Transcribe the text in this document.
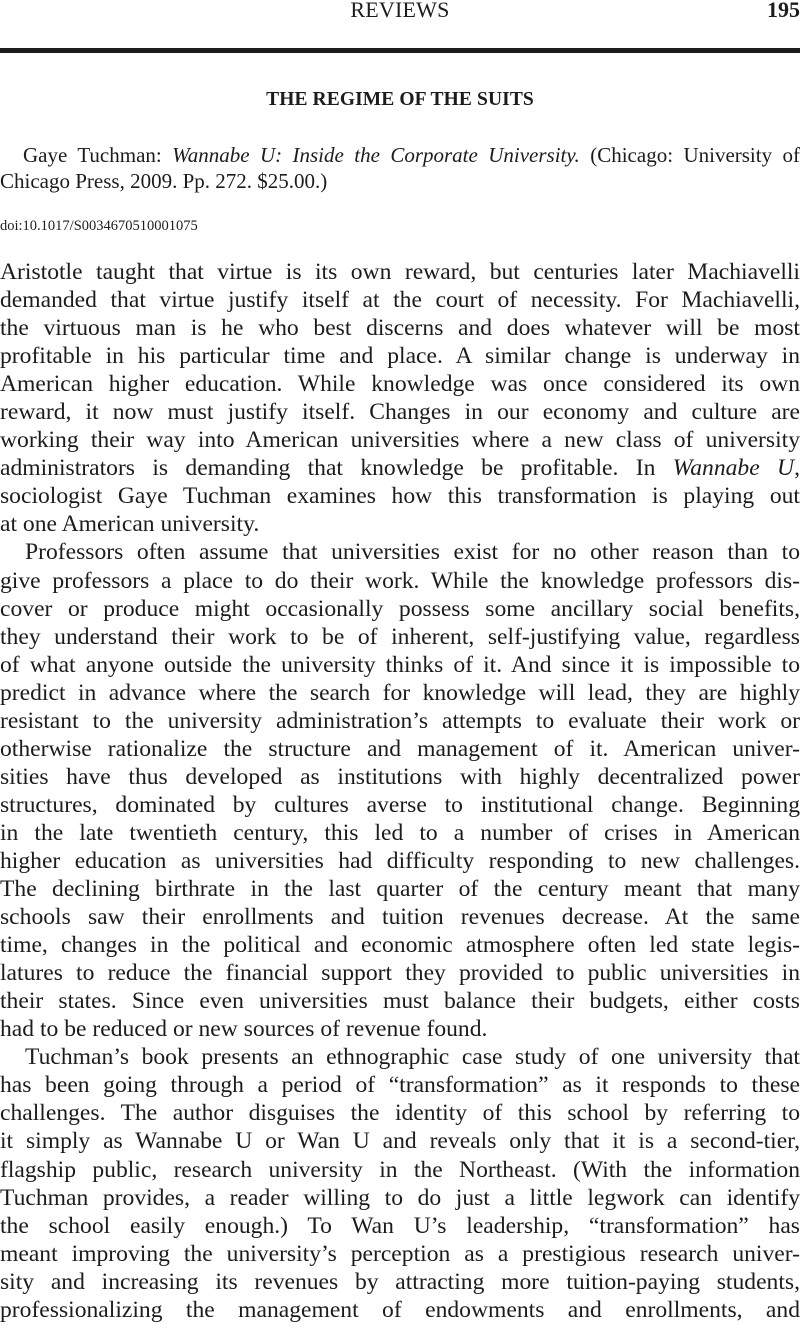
REVIEWS	195
THE REGIME OF THE SUITS
Gaye Tuchman: Wannabe U: Inside the Corporate University. (Chicago: University of
Chicago Press, 2009. Pp. 272. $25.00.)
doi:10.1017/S0034670510001075
Aristotle taught that virtue is its own reward, but centuries later Machiavelli
demanded that virtue justify itself at the court of necessity. For Machiavelli,
the virtuous man is he who best discerns and does whatever will be most
profitable in his particular time and place. A similar change is underway in
American higher education. While knowledge was once considered its own
reward, it now must justify itself. Changes in our economy and culture are
working their way into American universities where a new class of university
administrators is demanding that knowledge be profitable. In Wannabe U,
sociologist Gaye Tuchman examines how this transformation is playing out
at one American university.
Professors often assume that universities exist for no other reason than to
give professors a place to do their work. While the knowledge professors dis-
cover or produce might occasionally possess some ancillary social benefits,
they understand their work to be of inherent, self-justifying value, regardless
of what anyone outside the university thinks of it. And since it is impossible to
predict in advance where the search for knowledge will lead, they are highly
resistant to the university administration’s attempts to evaluate their work or
otherwise rationalize the structure and management of it. American univer-
sities have thus developed as institutions with highly decentralized power
structures, dominated by cultures averse to institutional change. Beginning
in the late twentieth century, this led to a number of crises in American
higher education as universities had difficulty responding to new challenges.
The declining birthrate in the last quarter of the century meant that many
schools saw their enrollments and tuition revenues decrease. At the same
time, changes in the political and economic atmosphere often led state legis-
latures to reduce the financial support they provided to public universities in
their states. Since even universities must balance their budgets, either costs
had to be reduced or new sources of revenue found.
Tuchman’s book presents an ethnographic case study of one university that
has been going through a period of “transformation” as it responds to these
challenges. The author disguises the identity of this school by referring to
it simply as Wannabe U or Wan U and reveals only that it is a second-tier,
flagship public, research university in the Northeast. (With the information
Tuchman provides, a reader willing to do just a little legwork can identify
the school easily enough.) To Wan U’s leadership, “transformation” has
meant improving the university’s perception as a prestigious research univer-
sity and increasing its revenues by attracting more tuition-paying students,
professionalizing the management of endowments and enrollments, and
